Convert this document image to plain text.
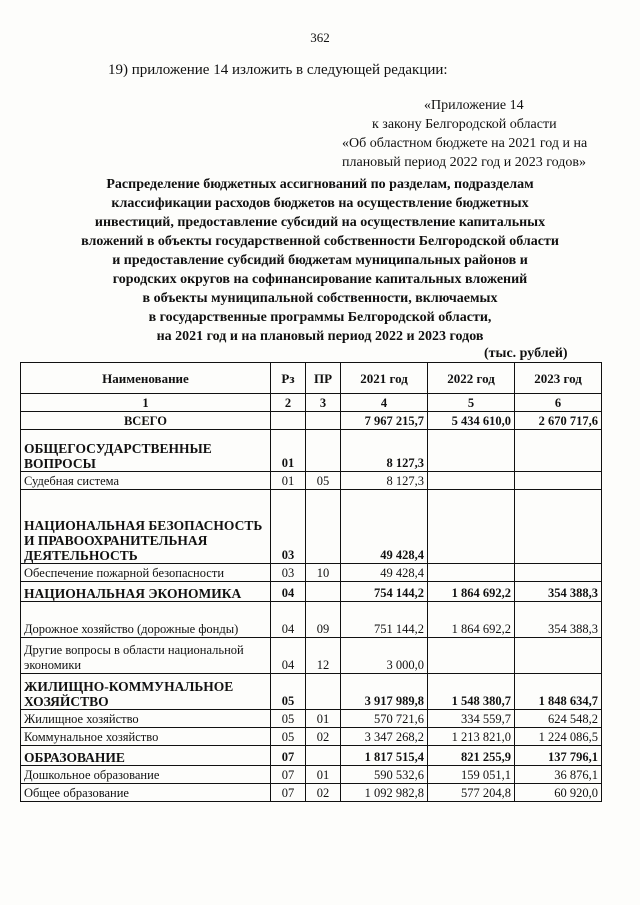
362
19) приложение 14 изложить в следующей редакции:
«Приложение 14
к закону Белгородской области
«Об областном бюджете на 2021 год и на
плановый период 2022 год и 2023 годов»
Распределение бюджетных ассигнований по разделам, подразделам
классификации расходов бюджетов на осуществление бюджетных
инвестиций, предоставление субсидий на осуществление капитальных
вложений в объекты государственной собственности Белгородской области
и предоставление субсидий бюджетам муниципальных районов и
городских округов на софинансирование капитальных вложений
в объекты муниципальной собственности, включаемых
в государственные программы Белгородской области,
на 2021 год и на плановый период 2022 и 2023 годов
(тыс. рублей)
Наименование	Рз	ПР	2021 год	2022 год	2023 год
1	2	3	4	5	6
ВСЕГО			7 967 215,7	5 434 610,0	2 670 717,6
ОБЩЕГОСУДАРСТВЕННЫЕ ВОПРОСЫ	01		8 127,3		
Судебная система	01	05	8 127,3		
НАЦИОНАЛЬНАЯ БЕЗОПАСНОСТЬ И ПРАВООХРАНИТЕЛЬНАЯ ДЕЯТЕЛЬНОСТЬ	03		49 428,4		
Обеспечение пожарной безопасности	03	10	49 428,4		
НАЦИОНАЛЬНАЯ ЭКОНОМИКА	04		754 144,2	1 864 692,2	354 388,3
Дорожное хозяйство (дорожные фонды)	04	09	751 144,2	1 864 692,2	354 388,3
Другие вопросы в области национальной экономики	04	12	3 000,0		
ЖИЛИЩНО-КОММУНАЛЬНОЕ ХОЗЯЙСТВО	05		3 917 989,8	1 548 380,7	1 848 634,7
Жилищное хозяйство	05	01	570 721,6	334 559,7	624 548,2
Коммунальное хозяйство	05	02	3 347 268,2	1 213 821,0	1 224 086,5
ОБРАЗОВАНИЕ	07		1 817 515,4	821 255,9	137 796,1
Дошкольное образование	07	01	590 532,6	159 051,1	36 876,1
Общее образование	07	02	1 092 982,8	577 204,8	60 920,0
